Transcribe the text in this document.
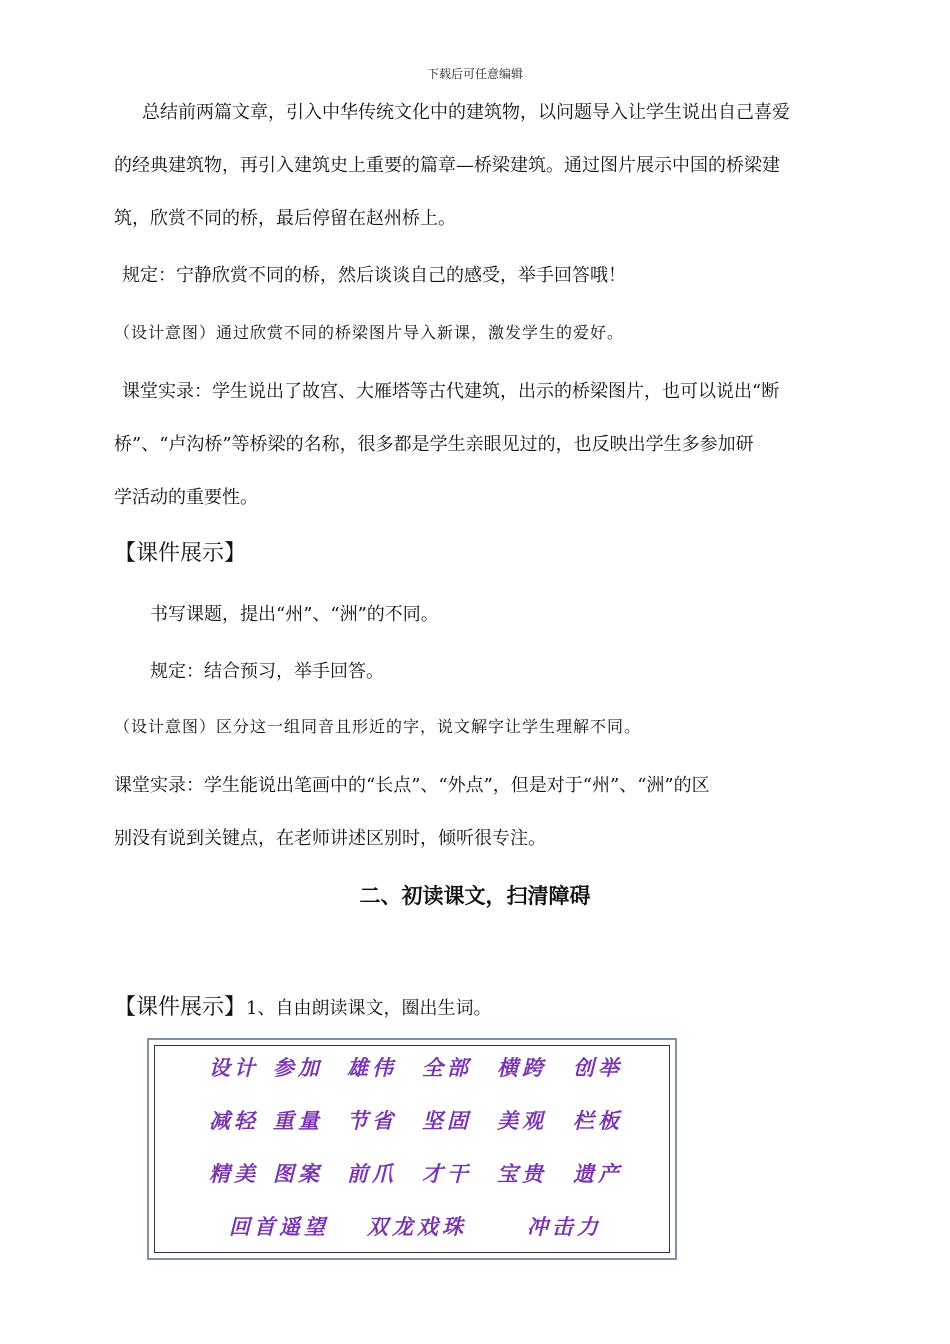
下载后可任意编辑
总结前两篇文章，引入中华传统文化中的建筑物，以问题导入让学生说出自己喜爱
的经典建筑物，再引入建筑史上重要的篇章—桥梁建筑。通过图片展示中国的桥梁建
筑，欣赏不同的桥，最后停留在赵州桥上。
规定：宁静欣赏不同的桥，然后谈谈自己的感受，举手回答哦！
（设计意图）通过欣赏不同的桥梁图片导入新课，激发学生的爱好。
课堂实录：学生说出了故宫、大雁塔等古代建筑，出示的桥梁图片，也可以说出“断
桥”、“卢沟桥”等桥梁的名称，很多都是学生亲眼见过的，也反映出学生多参加研
学活动的重要性。
【课件展示】
书写课题，提出“州”、“洲”的不同。
规定：结合预习，举手回答。
（设计意图）区分这一组同音且形近的字，说文解字让学生理解不同。
课堂实录：学生能说出笔画中的“长点”、“外点”，但是对于“州”、“洲”的区
别没有说到关键点，在老师讲述区别时，倾听很专注。
二、初读课文，扫清障碍
【课件展示】1、自由朗读课文，圈出生词。
设计 参加 雄伟 全部 横跨 创举
减轻 重量 节省 坚固 美观 栏板
精美 图案 前爪 才干 宝贵 遗产
回首遥望 双龙戏珠	冲击力
